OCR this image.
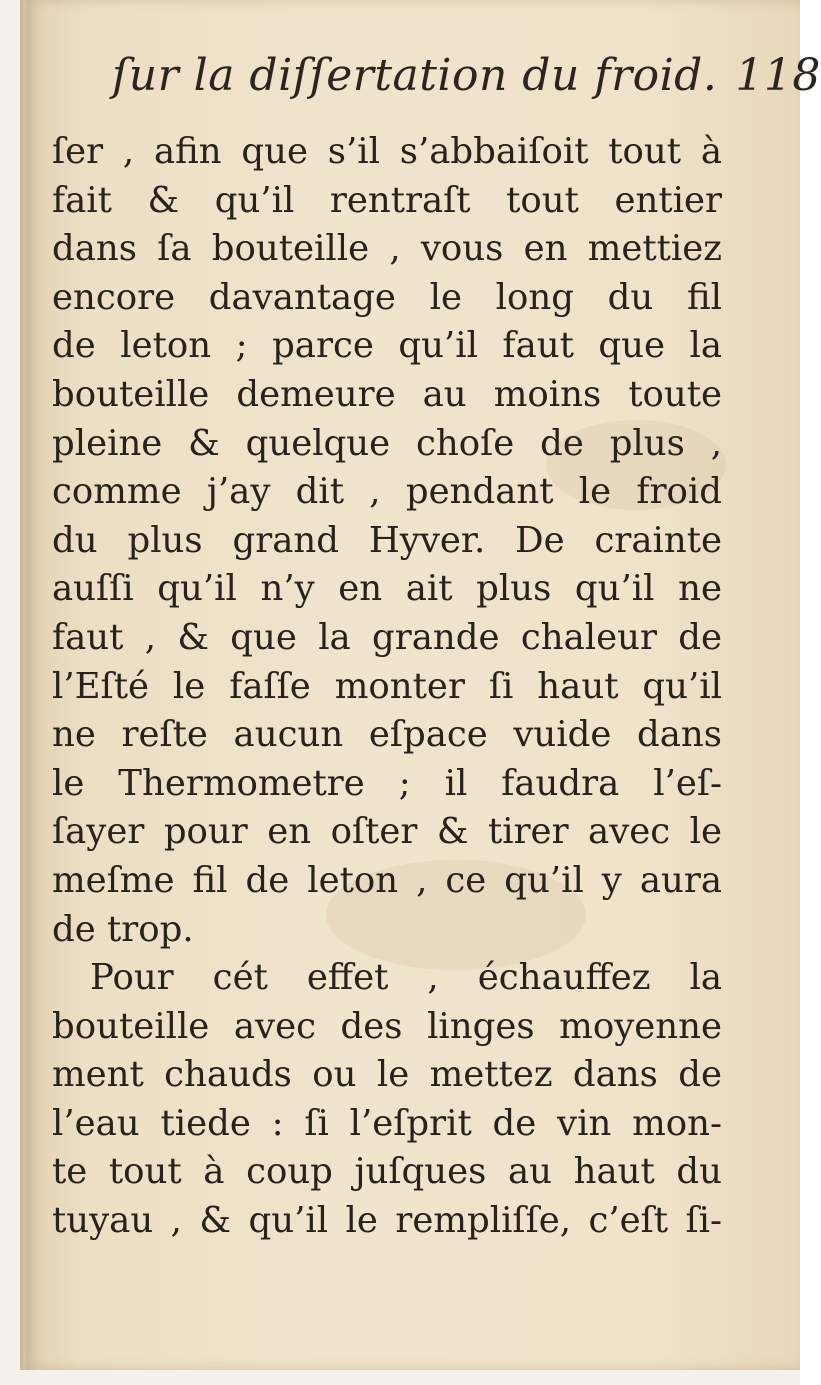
ſur la diſſertation du froid. 118
ſer , afin que s’il s’abbaiſoit tout à
fait & qu’il rentraſt tout entier
dans ſa bouteille , vous en mettiez
encore davantage le long du fil
de leton ; parce qu’il faut que la
bouteille demeure au moins toute
pleine & quelque choſe de plus ,
comme j’ay dit , pendant le froid
du plus grand Hyver. De crainte
auſſi qu’il n’y en ait plus qu’il ne
faut , & que la grande chaleur de
l’Eſté le faſſe monter ſi haut qu’il
ne reſte aucun eſpace vuide dans
le Thermometre ; il faudra l’eſ-
ſayer pour en oſter & tirer avec le
meſme fil de leton , ce qu’il y aura
de trop.
Pour cét effet , échauffez la
bouteille avec des linges moyenne
ment chauds ou le mettez dans de
l’eau tiede : ſi l’eſprit de vin mon-
te tout à coup juſques au haut du
tuyau , & qu’il le rempliſſe, c’eſt ſi-
